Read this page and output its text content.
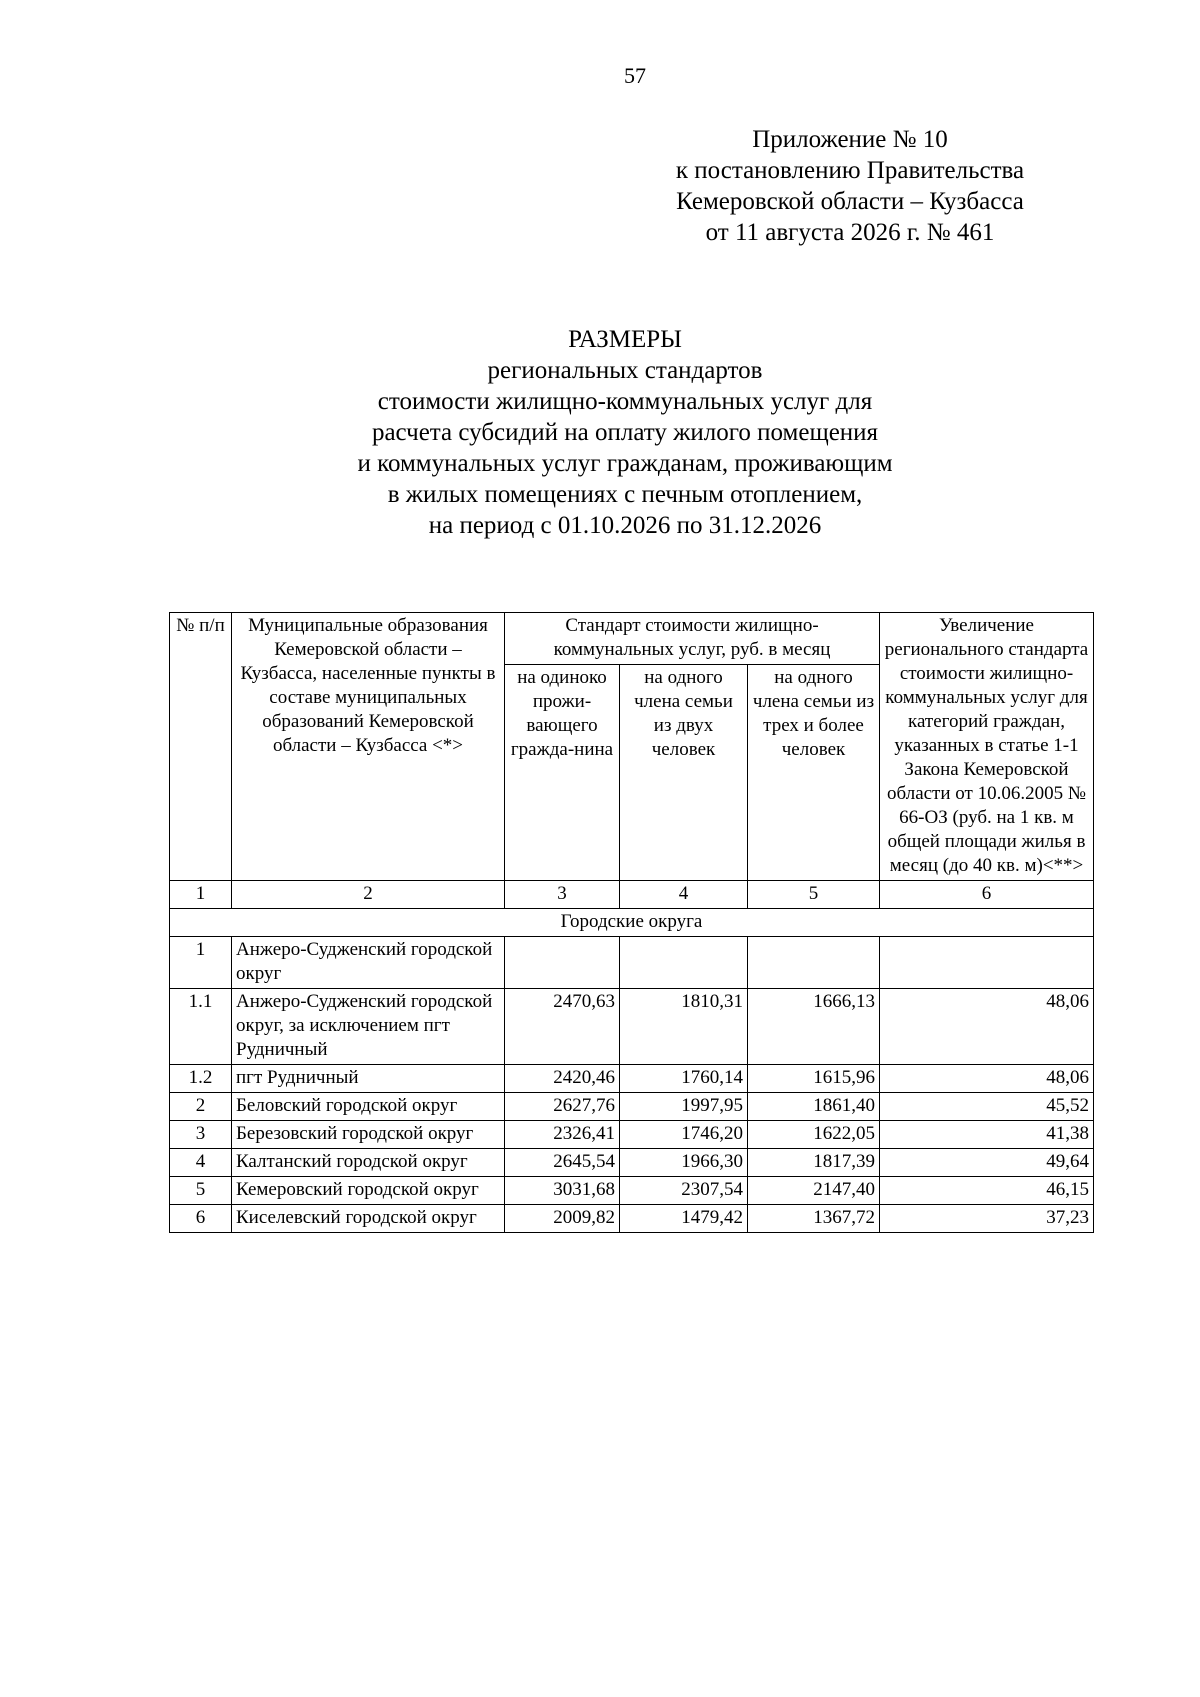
57
Приложение № 10
к постановлению Правительства
Кемеровской области – Кузбасса
от 11 августа 2026 г. № 461
РАЗМЕРЫ
региональных стандартов
стоимости жилищно-коммунальных услуг для
расчета субсидий на оплату жилого помещения
и коммунальных услуг гражданам, проживающим
в жилых помещениях с печным отоплением,
на период с 01.10.2026 по 31.12.2026
№ п/п	Муниципальные образования Кемеровской области – Кузбасса, населенные пункты в составе муниципальных образований Кемеровской области – Кузбасса <*>	Стандарт стоимости жилищно-коммунальных услуг, руб. в месяц			Увеличение регионального стандарта стоимости жилищно-коммунальных услуг для категорий граждан, указанных в статье 1-1 Закона Кемеровской области от 10.06.2005 № 66-ОЗ (руб. на 1 кв. м общей площади жилья в месяц (до 40 кв. м)<**>
		на одиноко прожи-вающего гражда-нина	на одного члена семьи из двух человек	на одного члена семьи из трех и более человек	
1	2	3	4	5	6
Городские округа					
1	Анжеро-Судженский городской округ				
1.1	Анжеро-Судженский городской округ, за исключением пгт Рудничный	2470,63	1810,31	1666,13	48,06
1.2	пгт Рудничный	2420,46	1760,14	1615,96	48,06
2	Беловский городской округ	2627,76	1997,95	1861,40	45,52
3	Березовский городской округ	2326,41	1746,20	1622,05	41,38
4	Калтанский городской округ	2645,54	1966,30	1817,39	49,64
5	Кемеровский городской округ	3031,68	2307,54	2147,40	46,15
6	Киселевский городской округ	2009,82	1479,42	1367,72	37,23
